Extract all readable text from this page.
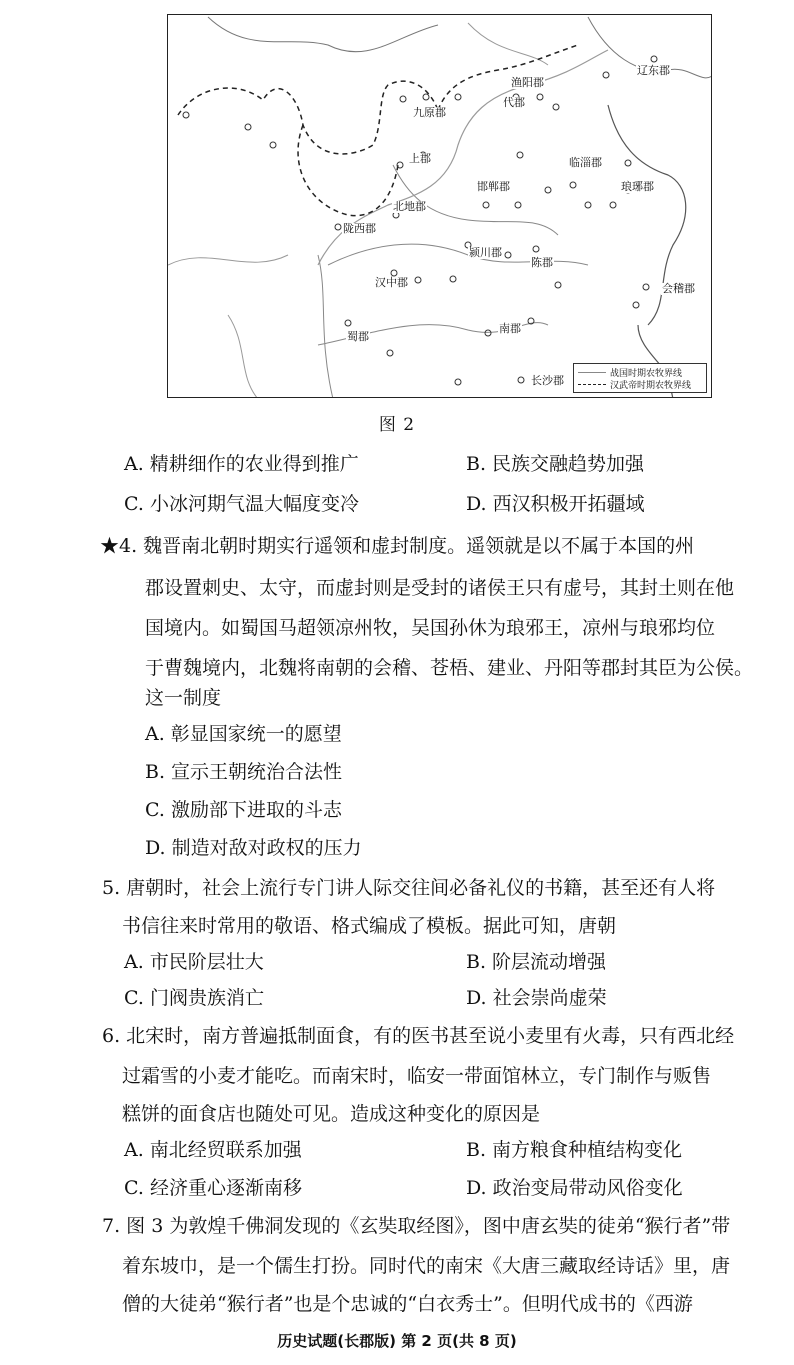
渔阳郡
辽东郡
九原郡
代郡
上郡	临淄郡
邯郸郡	琅琊郡
北地郡
陇西郡
颍川郡
陈郡
汉中郡	会稽郡
南郡
蜀郡
长沙郡
战国时期农牧界线
汉武帝时期农牧界线
图 2
A. 精耕细作的农业得到推广	B. 民族交融趋势加强
C. 小冰河期气温大幅度变冷	D. 西汉积极开拓疆域
★4. 魏晋南北朝时期实行遥领和虚封制度。遥领就是以不属于本国的州
郡设置刺史、太守，而虚封则是受封的诸侯王只有虚号，其封土则在他
国境内。如蜀国马超领凉州牧，吴国孙休为琅邪王，凉州与琅邪均位
于曹魏境内，北魏将南朝的会稽、苍梧、建业、丹阳等郡封其臣为公侯。
这一制度
A. 彰显国家统一的愿望
B. 宣示王朝统治合法性
C. 激励部下进取的斗志
D. 制造对敌对政权的压力
5. 唐朝时，社会上流行专门讲人际交往间必备礼仪的书籍，甚至还有人将
书信往来时常用的敬语、格式编成了模板。据此可知，唐朝
A. 市民阶层壮大	B. 阶层流动增强
C. 门阀贵族消亡	D. 社会崇尚虚荣
6. 北宋时，南方普遍抵制面食，有的医书甚至说小麦里有火毒，只有西北经
过霜雪的小麦才能吃。而南宋时，临安一带面馆林立，专门制作与贩售
糕饼的面食店也随处可见。造成这种变化的原因是
A. 南北经贸联系加强	B. 南方粮食种植结构变化
C. 经济重心逐渐南移	D. 政治变局带动风俗变化
7. 图 3 为敦煌千佛洞发现的《玄奘取经图》，图中唐玄奘的徒弟“猴行者”带
着东坡巾，是一个儒生打扮。同时代的南宋《大唐三藏取经诗话》里，唐
僧的大徒弟“猴行者”也是个忠诚的“白衣秀士”。但明代成书的《西游
历史试题(长郡版) 第 2 页(共 8 页)
